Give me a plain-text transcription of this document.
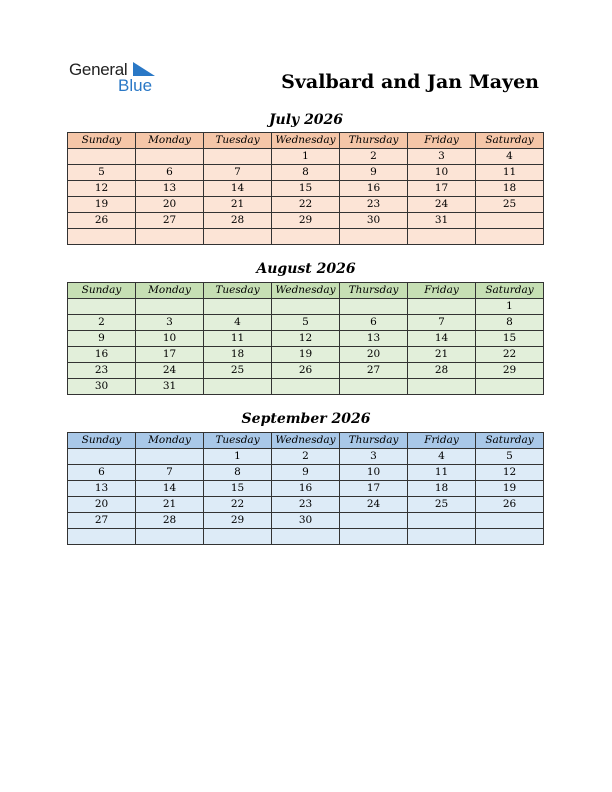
General
Blue	Svalbard and Jan Mayen
July 2026
Sunday	Monday	Tuesday	Wednesday	Thursday	Friday	Saturday
			1	2	3	4
5	6	7	8	9	10	11
12	13	14	15	16	17	18
19	20	21	22	23	24	25
26	27	28	29	30	31	

August 2026
Sunday	Monday	Tuesday	Wednesday	Thursday	Friday	Saturday
						1
2	3	4	5	6	7	8
9	10	11	12	13	14	15
16	17	18	19	20	21	22
23	24	25	26	27	28	29
30	31					
September 2026
Sunday	Monday	Tuesday	Wednesday	Thursday	Friday	Saturday
		1	2	3	4	5
6	7	8	9	10	11	12
13	14	15	16	17	18	19
20	21	22	23	24	25	26
27	28	29	30			
